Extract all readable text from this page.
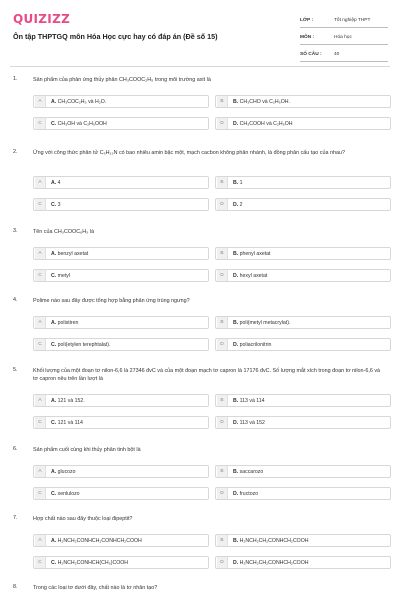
QUIZIZZ
Ôn tập THPTGQ môn Hóa Học cực hay có đáp án (Đề số 15)
LỚP :	Tốt nghiệp THPT
MÔN :	Hóa học
SỐ CÂU :	40
1.	Sản phẩm của phản ứng thủy phân CH₃COOC₂H₅ trong môi trường axit là
A	A. CH₃COC₂H₅ và H₂O.	B	B. CH₃CHO và C₂H₅OH.
C	C. CH₃OH và C₂H₅OOH	D	D. CH₃COOH và C₂H₅OH
2.	Ứng với công thức phân tử C₅H₁₃N có bao nhiêu amin bậc một, mạch cacbon không phân nhánh, là đồng phân cấu tạo của nhau?
A	A. 4	B	B. 1
C	C. 3	D	D. 2
3.	Tên của CH₃COOC₆H₅ là
A	A. benzyl axetat	B	B. phenyl axetat
C	C. metyl	D	D. hexyl axetat
4.	Polime nào sau đây được tổng hợp bằng phản ứng trùng ngưng?
A	A. polistiren	B	B. poli(metyl metacrylat).
C	C. poli(etylen terephtalat).	D	D. poliacrilonitrin
5.	Khối lượng của một đoạn tơ nilon-6,6 là 27346 đvC và của một đoạn mạch tơ capron là 17176 đvC. Số lượng mắt xích trong đoạn tơ nilon-6,6 và tơ capron nêu trên lần lượt là
A	A. 121 và 152.	B	B. 113 và 114
C	C. 121 và 114	D	D. 113 và 152
6.	Sản phẩm cuối cùng khi thủy phân tinh bột là
A	A. glucozo	B	B. saccarozo
C	C. xenlulozo	D	D. fructozo
7.	Hợp chất nào sau đây thuộc loại đipeptit?
A	A. H₂NCH₂CONHCH₂CONHCH₂COOH	B	B. H₂NCH₂CH₂CONHCH₂COOH
C	C. H₂NCH₂CONHCH(CH₃)COOH	D	D. H₂NCH₂CH₂CONHCH₂COOH
8.	Trong các loại tơ dưới đây, chất nào là tơ nhân tạo?
